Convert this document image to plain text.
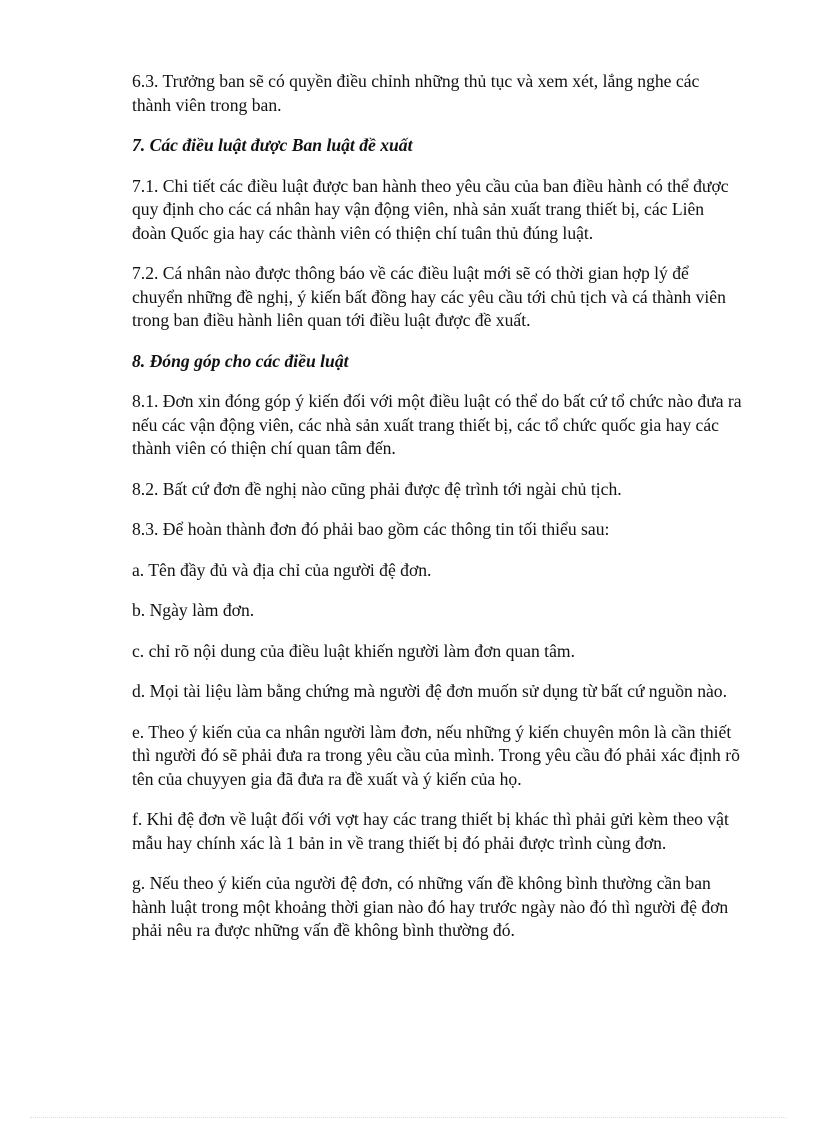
6.3. Trưởng ban sẽ có quyền điều chỉnh những thủ tục và xem xét, lắng nghe các thành viên trong ban.

7. Các điều luật được Ban luật đề xuất

7.1. Chi tiết các điều luật được ban hành theo yêu cầu của ban điều hành có thể được quy định cho các cá nhân hay vận động viên, nhà sản xuất trang thiết bị, các Liên đoàn Quốc gia hay các thành viên có thiện chí tuân thủ đúng luật.

7.2. Cá nhân nào được thông báo về các điều luật mới sẽ có thời gian hợp lý để chuyển những đề nghị, ý kiến bất đồng hay các yêu cầu tới chủ tịch và cá thành viên trong ban điều hành liên quan tới điều luật được đề xuất.

8. Đóng góp cho các điều luật

8.1. Đơn xin đóng góp ý kiến đối với một điều luật có thể do bất cứ tổ chức nào đưa ra nếu các vận động viên, các nhà sản xuất trang thiết bị, các tổ chức quốc gia hay các thành viên có thiện chí quan tâm đến.

8.2. Bất cứ đơn đề nghị nào cũng phải được đệ trình tới ngài chủ tịch.

8.3. Để hoàn thành đơn đó phải bao gồm các thông tin tối thiểu sau:

a. Tên đầy đủ và địa chỉ của người đệ đơn.

b. Ngày làm đơn.

c. chỉ rõ nội dung của điều luật khiến người làm đơn quan tâm.

d. Mọi tài liệu làm bằng chứng mà người đệ đơn muốn sử dụng từ bất cứ nguồn nào.

e. Theo ý kiến của ca nhân người làm đơn, nếu những ý kiến chuyên môn là cần thiết thì người đó sẽ phải đưa ra trong yêu cầu của mình. Trong yêu cầu đó phải xác định rõ tên của chuyyen gia đã đưa ra đề xuất và ý kiến của họ.

f. Khi đệ đơn về luật đối với vợt hay các trang thiết bị khác thì phải gửi kèm theo vật mẫu hay chính xác là 1 bản in về trang thiết bị đó phải được trình cùng đơn.

g. Nếu theo ý kiến của người đệ đơn, có những vấn đề không bình thường cần ban hành luật trong một khoảng thời gian nào đó hay trước ngày nào đó thì người đệ đơn phải nêu ra được những vấn đề không bình thường đó.
